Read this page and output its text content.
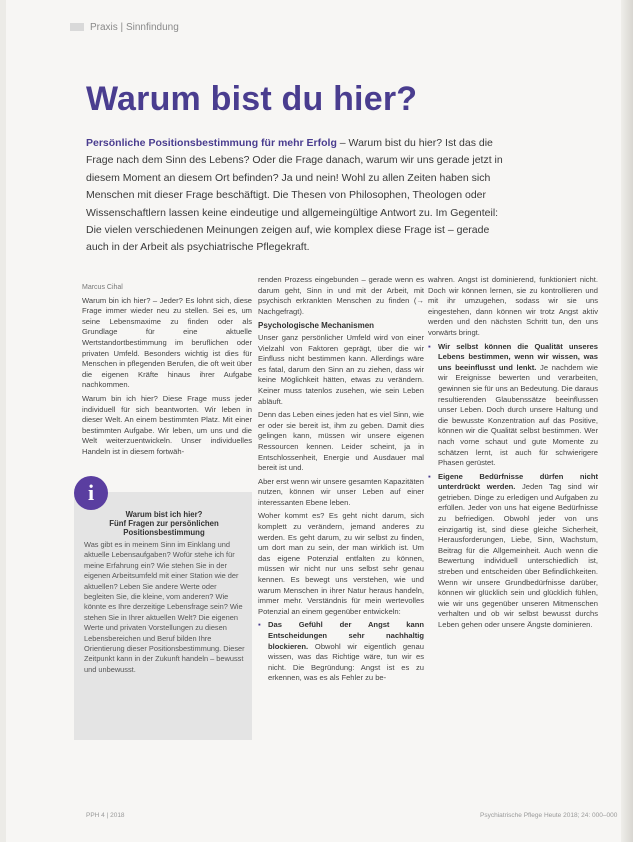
Praxis | Sinnfindung
Warum bist du hier?
Persönliche Positionsbestimmung für mehr Erfolg – Warum bist du hier? Ist das die Frage nach dem Sinn des Lebens? Oder die Frage danach, warum wir uns gerade jetzt in diesem Moment an diesem Ort befinden? Ja und nein! Wohl zu allen Zeiten haben sich Menschen mit dieser Frage beschäftigt. Die Thesen von Philosophen, Theologen oder Wissenschaftlern lassen keine eindeutige und allgemeingültige Antwort zu. Im Gegenteil: Die vielen verschiedenen Meinungen zeigen auf, wie komplex diese Frage ist – gerade auch in der Arbeit als psychiatrische Pflegekraft.
Marcus Cihal

Warum bin ich hier? – Jeder? Es lohnt sich, diese Frage immer wieder neu zu stellen. Sei es, um seine Lebensmaxime zu finden oder als Grundlage für eine aktuelle Wertstandortbestimmung im beruflichen oder privaten Umfeld. Besonders wichtig ist dies für Menschen in pflegenden Berufen, die oft weit über die eigenen Kräfte hinaus ihrer Aufgabe nachkommen.

Warum bin ich hier? Diese Frage muss jeder individuell für sich beantworten. Wir leben in dieser Welt. An einem bestimmten Platz. Mit einer bestimmten Aufgabe. Wir leben, um uns und die Welt weiterzuentwickeln. Unser individuelles Handeln ist in diesem fortwäh-

i
Warum bist ich hier?
Fünf Fragen zur persönlichen Positionsbestimmung
Was gibt es in meinem Sinn im Einklang und aktuelle Lebensaufgaben? Wofür stehe ich für meine Erfahrung ein? Wie stehen Sie in der eigenen Arbeitsumfeld mit einer Station wie der aktuellen? Leben Sie andere Werte oder begleiten Sie, die kleine, vom anderen? Wie könnte es Ihre derzeitige Lebensfrage sein? Wie stehen Sie in Ihrer aktuellen Welt? Die eigenen Werte und privaten Vorstellungen zu diesen Lebensbereichen und Beruf bilden Ihre Orientierung dieser Positionsbestimmung. Dieser Zeitpunkt kann in der Zukunft handeln – bewusst und unbewusst.

renden Prozess eingebunden – gerade wenn es darum geht, Sinn in und mit der Arbeit, mit psychisch erkrankten Menschen zu finden (→ Nachgefragt).

Psychologische Mechanismen

Unser ganz persönlicher Umfeld wird von einer Vielzahl von Faktoren geprägt, über die wir Einfluss nicht bestimmen kann. Allerdings wäre es fatal, darum den Sinn an zu ziehen, dass wir keine Möglichkeit hätten, etwas zu verändern. Keiner muss tatenlos zusehen, wie sein Leben abläuft.

Denn das Leben eines jeden hat es viel Sinn, wie er oder sie bereit ist, ihm zu geben. Damit dies gelingen kann, müssen wir unsere eigenen Ressourcen kennen. Leider scheint, ja in Entschlossenheit, Energie und Ausdauer mal bereit ist und.

Aber erst wenn wir unsere gesamten Kapazitäten nutzen, können wir unser Leben auf einer interessanten Ebene leben.

Woher kommt es? Es geht nicht darum, sich komplett zu verändern, jemand anderes zu werden. Es geht darum, zu wir selbst zu finden, um dort man zu sein, der man wirklich ist. Um das eigene Potenzial entfalten zu können, müssen wir nicht nur uns selbst sehr genau kennen. Es bewegt uns verstehen, wie und warum Menschen in ihrer Natur heraus handeln, immer mehr. Verständnis für mein wertevolles Potenzial an einem gegenüber entwickeln:

▪ Das Gefühl der Angst kann Entscheidungen sehr nachhaltig blockieren. Obwohl wir eigentlich genau wissen, was das Richtige wäre, tun wir es nicht. Die Begründung: Angst ist es zu erkennen, was es als Fehler zu be-

wahren. Angst ist dominierend, funktioniert nicht. Doch wir können lernen, sie zu kontrollieren und mit ihr umzugehen, sodass wir sie uns eingestehen, dann können wir trotz Angst aktiv werden und den nächsten Schritt tun, den uns vorwärts bringt.

▪ Wir selbst können die Qualität unseres Lebens bestimmen, wenn wir wissen, was uns beeinflusst und lenkt. Je nachdem wie wir Ereignisse bewerten und verarbeiten, gewinnen sie für uns an Bedeutung. Die daraus resultierenden Glaubenssätze beeinflussen unser Leben. Doch durch unsere Haltung und die bewusste Konzentration auf das Positive, können wir die Qualität selbst bestimmen. Wer nach vorne schaut und gute Momente zu schätzen lernt, ist auch für schwierigere Phasen gerüstet.
▪ Eigene Bedürfnisse dürfen nicht unterdrückt werden. Jeden Tag sind wir getrieben. Dinge zu erledigen und Aufgaben zu erfüllen. Jeder von uns hat eigene Bedürfnisse zu befriedigen. Obwohl jeder von uns einzigartig ist, sind diese gleiche Sicherheit, Herausforderungen, Liebe, Sinn, Wachstum, Beitrag für die Allgemeinheit. Auch wenn die Bewertung individuell unterschiedlich ist, streben und entscheiden über Befindlichkeiten. Wenn wir unsere Grundbedürfnisse darüber, können wir glücklich sein und glücklich fühlen, wie wir uns gegenüber unseren Mitmenschen verhalten und ob wir selbst bewusst durchs Leben gehen oder unsere Ängste dominieren.
PPH 4 | 2018	Psychiatrische Pflege Heute 2018; 24: 000–000
